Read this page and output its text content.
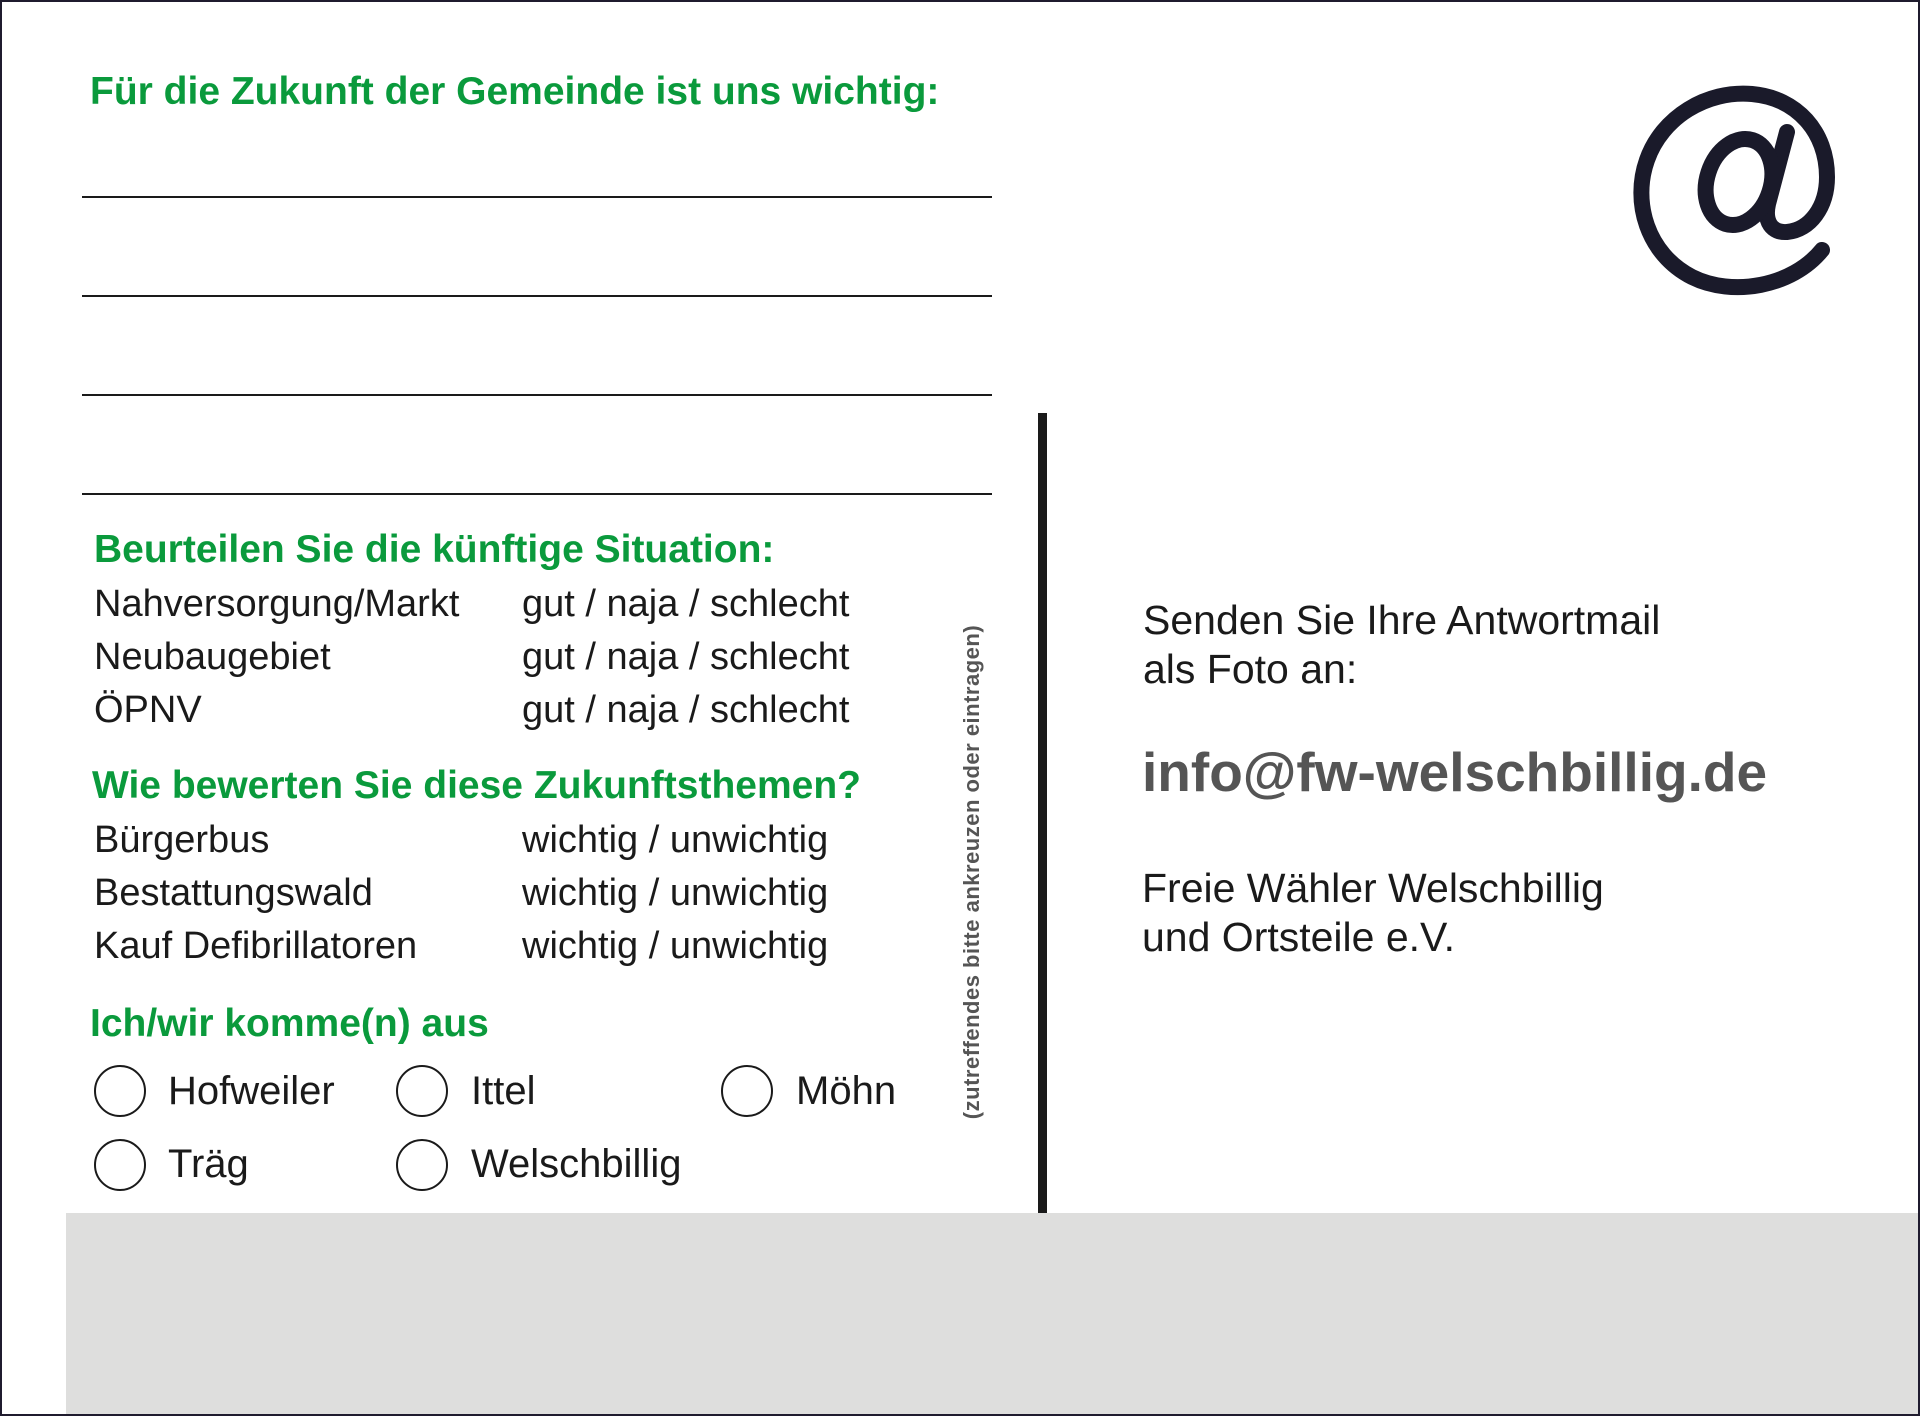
Für die Zukunft der Gemeinde ist uns wichtig:
Beurteilen Sie die künftige Situation:
Nahversorgung/Markt gut / naja / schlecht
Neubaugebiet	gut / naja / schlecht
ÖPNV	gut / naja / schlecht
Wie bewerten Sie diese Zukunftsthemen?
Bürgerbus	wichtig / unwichtig
Bestattungswald	wichtig / unwichtig
Kauf Defibrillatoren	wichtig / unwichtig
Ich/wir komme(n) aus
Hofweiler	Ittel	Möhn
Träg	Welschbillig
(zutreffendes bitte ankreuzen oder eintragen)
Senden Sie Ihre Antwortmail
als Foto an:
info@fw-welschbillig.de
Freie Wähler Welschbillig
und Ortsteile e.V.
